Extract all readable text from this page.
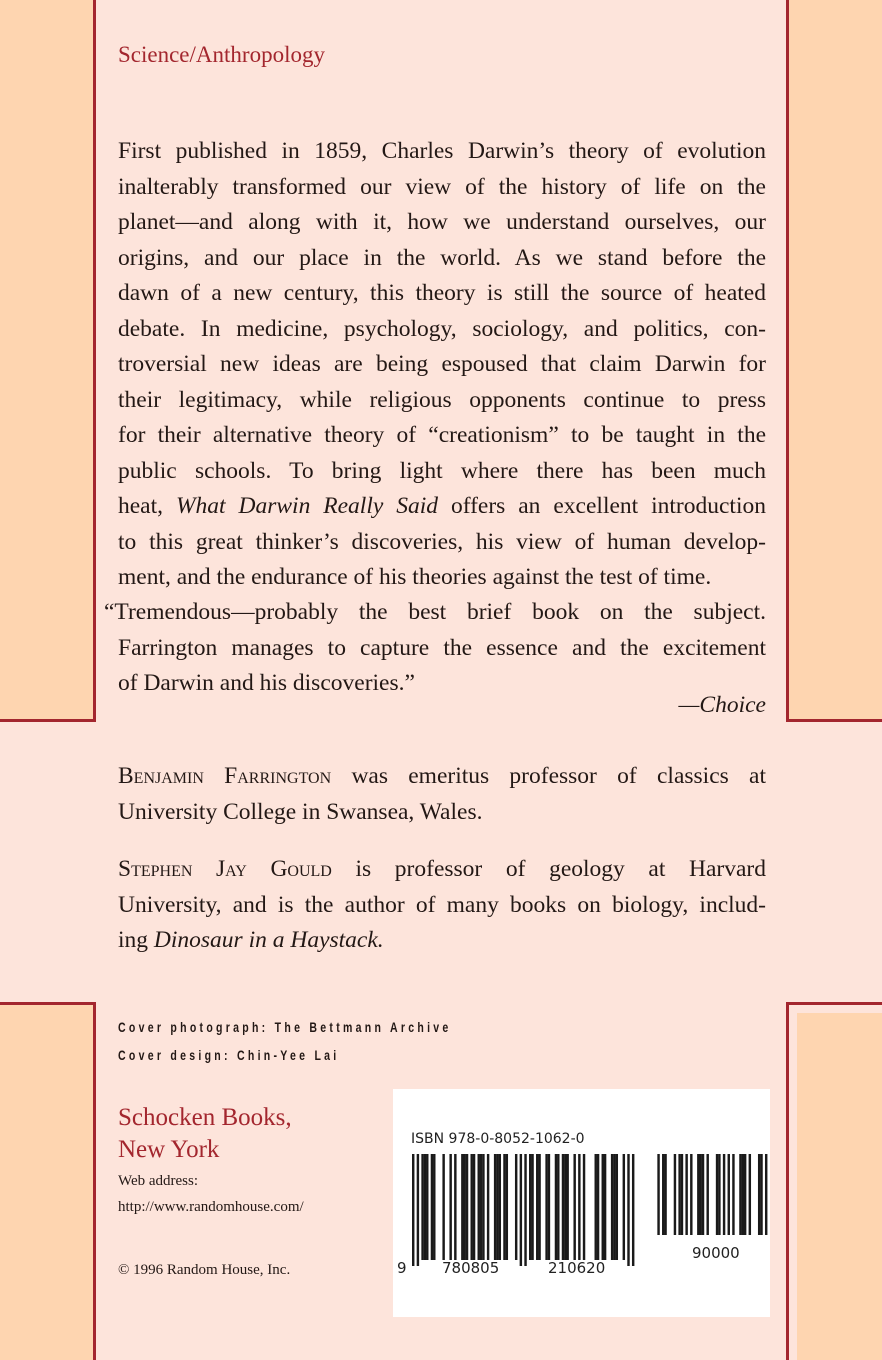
Science/Anthropology
First published in 1859, Charles Darwin’s theory of evolution
inalterably transformed our view of the history of life on the
planet—and along with it, how we understand ourselves, our
origins, and our place in the world. As we stand before the
dawn of a new century, this theory is still the source of heated
debate. In medicine, psychology, sociology, and politics, con-
troversial new ideas are being espoused that claim Darwin for
their legitimacy, while religious opponents continue to press
for their alternative theory of “creationism” to be taught in the
public schools. To bring light where there has been much
heat, What Darwin Really Said offers an excellent introduction
to this great thinker’s discoveries, his view of human develop-
ment, and the endurance of his theories against the test of time.
“Tremendous—probably the best brief book on the subject.
Farrington manages to capture the essence and the excitement
of Darwin and his discoveries.”
—Choice
Benjamin Farrington was emeritus professor of classics at
University College in Swansea, Wales.
Stephen Jay Gould is professor of geology at Harvard
University, and is the author of many books on biology, includ-
ing Dinosaur in a Haystack.
Cover photograph: The Bettmann Archive
Cover design: Chin-Yee Lai
Schocken Books,
New York
Web address:
http://www.randomhouse.com/
© 1996 Random House, Inc.
ISBN 978-0-8052-1062-0
9 780805	210620
90000
